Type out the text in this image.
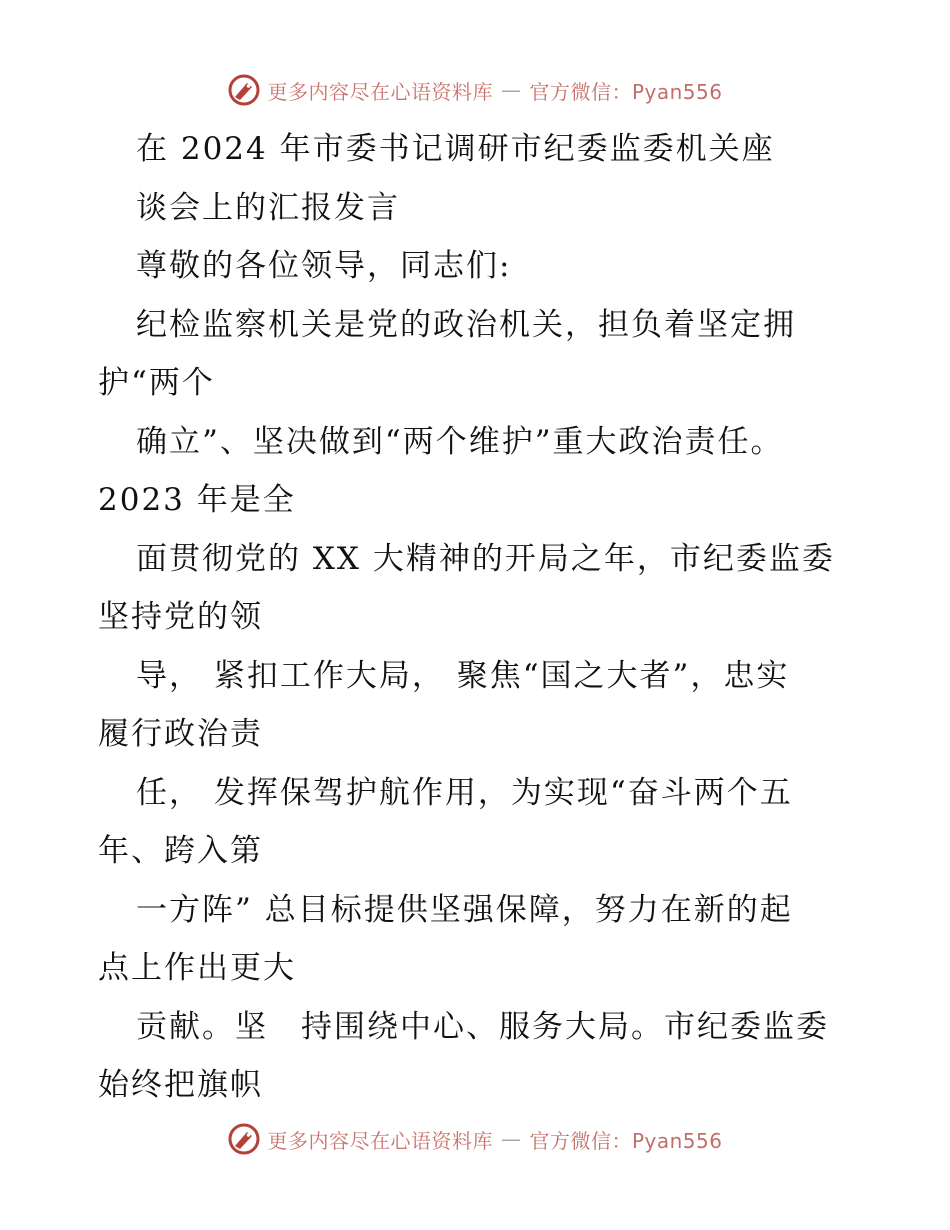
更多内容尽在心语资料库 — 官方微信：Pyan556
在 2024 年市委书记调研市纪委监委机关座
谈会上的汇报发言
尊敬的各位领导，同志们:
纪检监察机关是党的政治机关，担负着坚定拥
护“两个
确立”、坚决做到“两个维护”重大政治责任。
2023 年是全
面贯彻党的 XX 大精神的开局之年，市纪委监委
坚持党的领
导， 紧扣工作大局， 聚焦“国之大者”，忠实
履行政治责
任， 发挥保驾护航作用，为实现“奋斗两个五
年、跨入第
一方阵” 总目标提供坚强保障，努力在新的起
点上作出更大
贡献。坚　持围绕中心、服务大局。市纪委监委
始终把旗帜
更多内容尽在心语资料库 — 官方微信：Pyan556
